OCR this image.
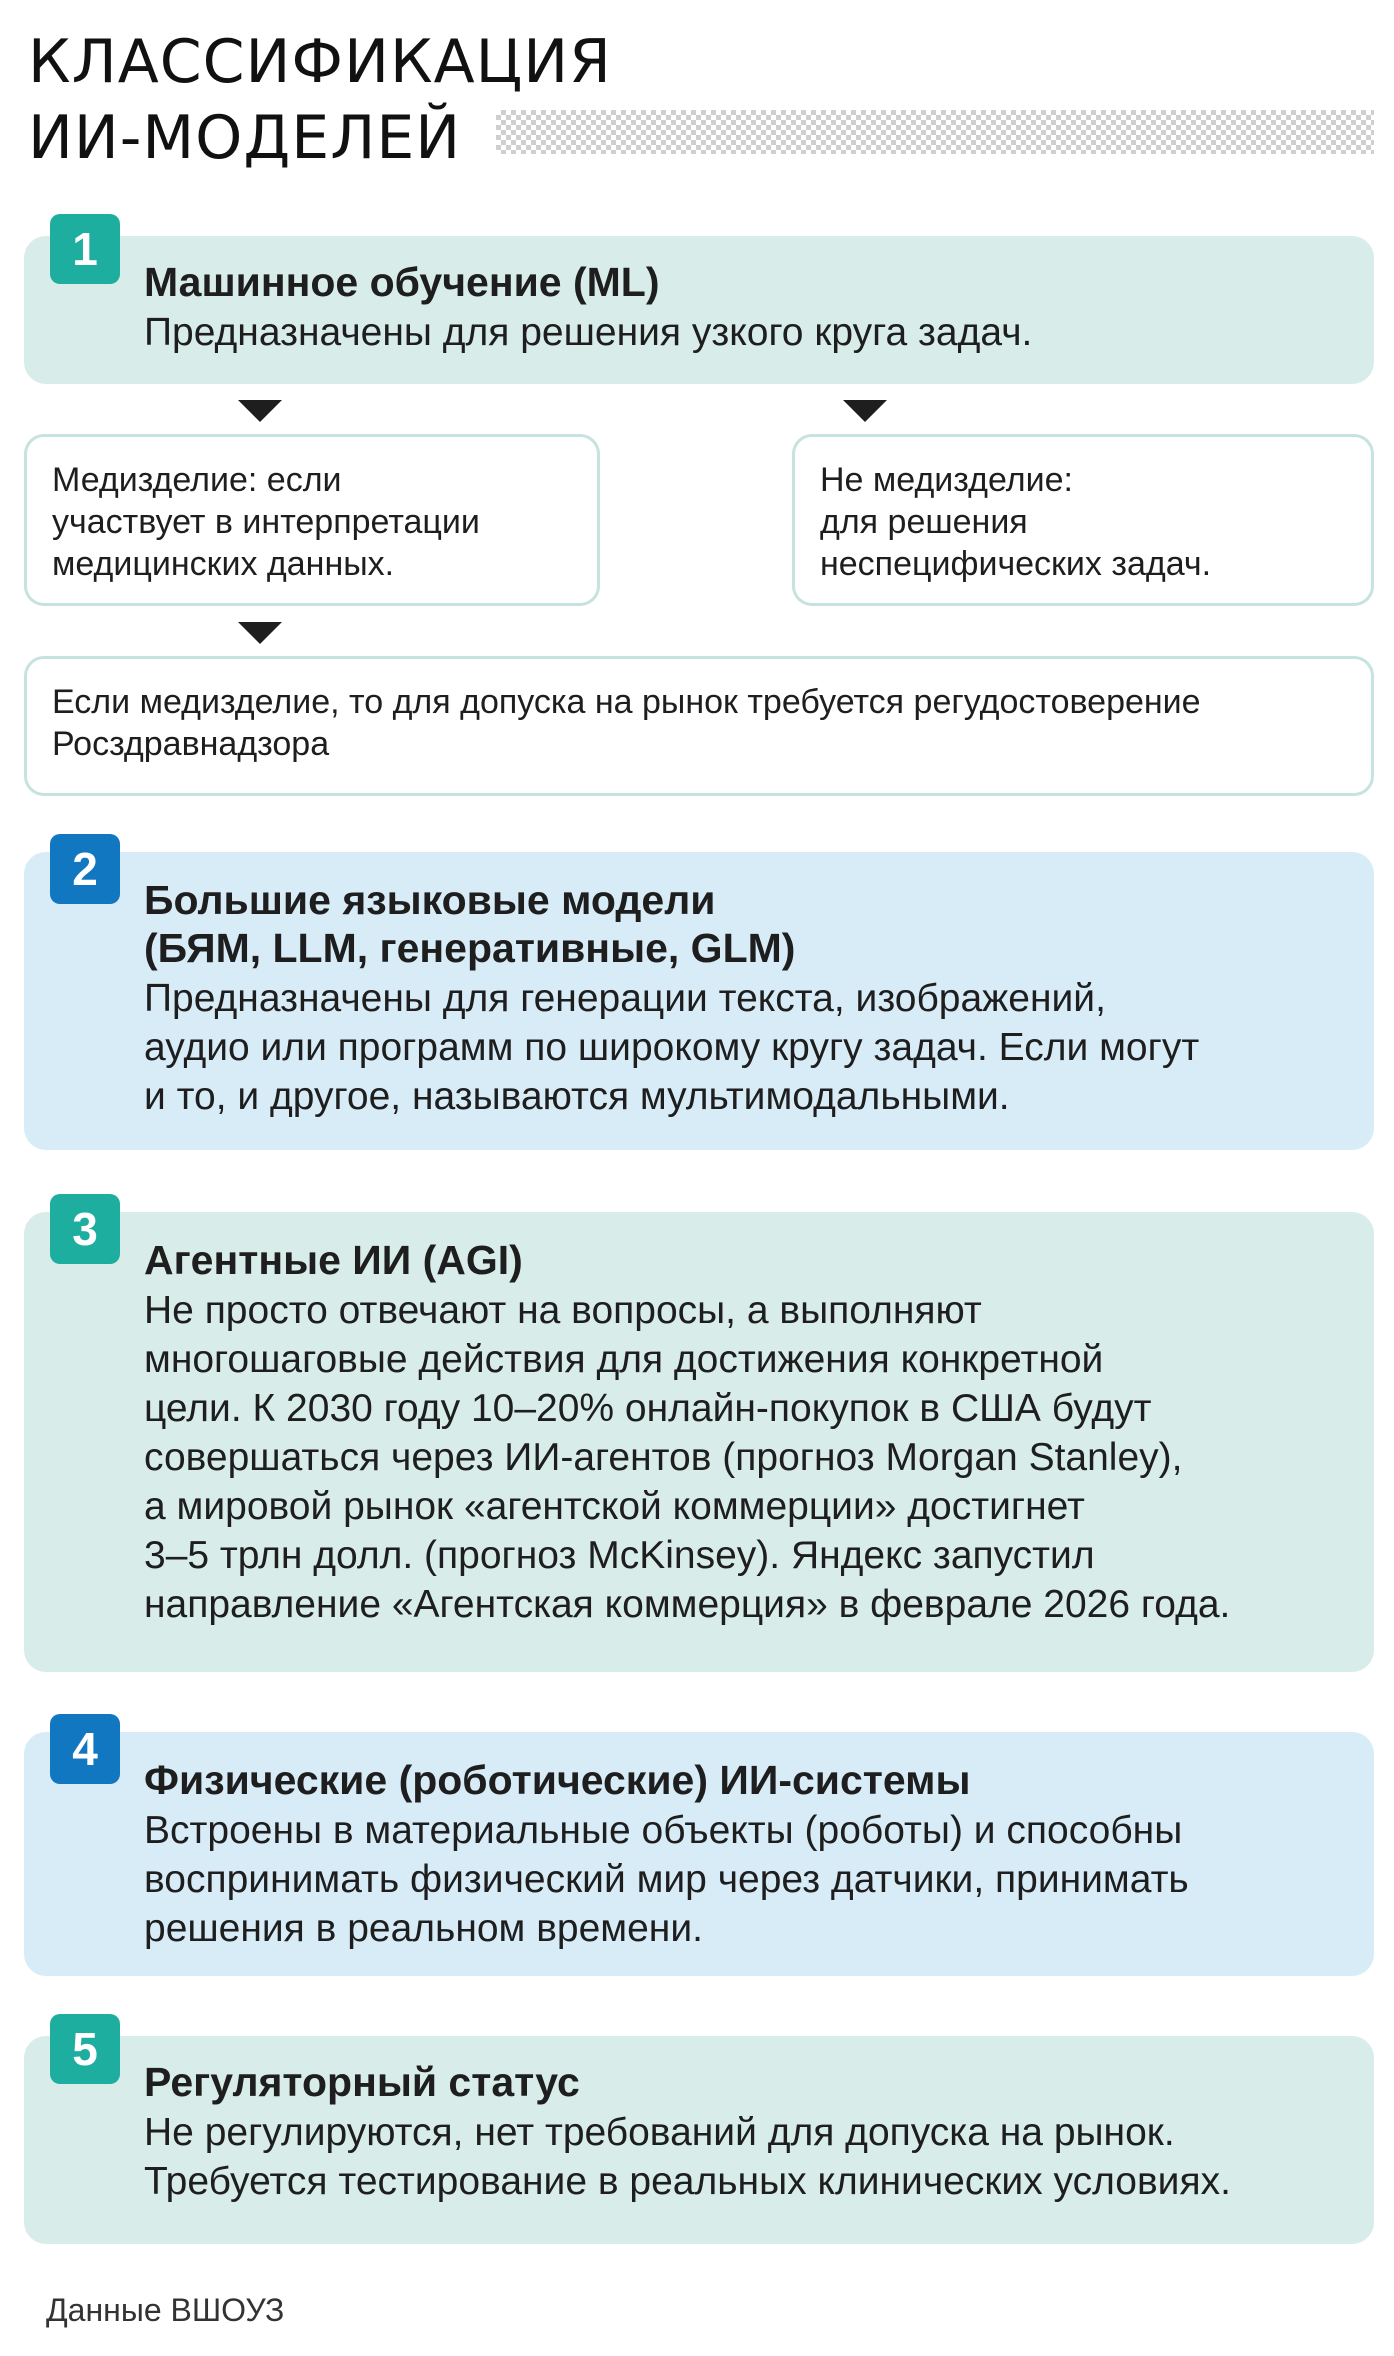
КЛАССИФИКАЦИЯ
ИИ-МОДЕЛЕЙ
Машинное обучение (ML)
Предназначены для решения узкого круга задач.
1
Медизделие: если
участвует в интерпретации
медицинских данных.
Не медизделие:
для решения
неспецифических задач.
Если медизделие, то для допуска на рынок требуется регудостоверение
Росздравнадзора
Большие языковые модели
(БЯМ, LLM, генеративные, GLM)
Предназначены для генерации текста, изображений,
аудио или программ по широкому кругу задач. Если могут
и то, и другое, называются мультимодальными.
2
Агентные ИИ (AGI)
Не просто отвечают на вопросы, а выполняют
многошаговые действия для достижения конкретной
цели. К 2030 году 10–20% онлайн-покупок в США будут
совершаться через ИИ-агентов (прогноз Morgan Stanley),
а мировой рынок «агентской коммерции» достигнет
3–5 трлн долл. (прогноз McKinsey). Яндекс запустил
направление «Агентская коммерция» в феврале 2026 года.
3
Физические (роботические) ИИ-системы
Встроены в материальные объекты (роботы) и способны
воспринимать физический мир через датчики, принимать
решения в реальном времени.
4
Регуляторный статус
Не регулируются, нет требований для допуска на рынок.
Требуется тестирование в реальных клинических условиях.
5
Данные ВШОУЗ
